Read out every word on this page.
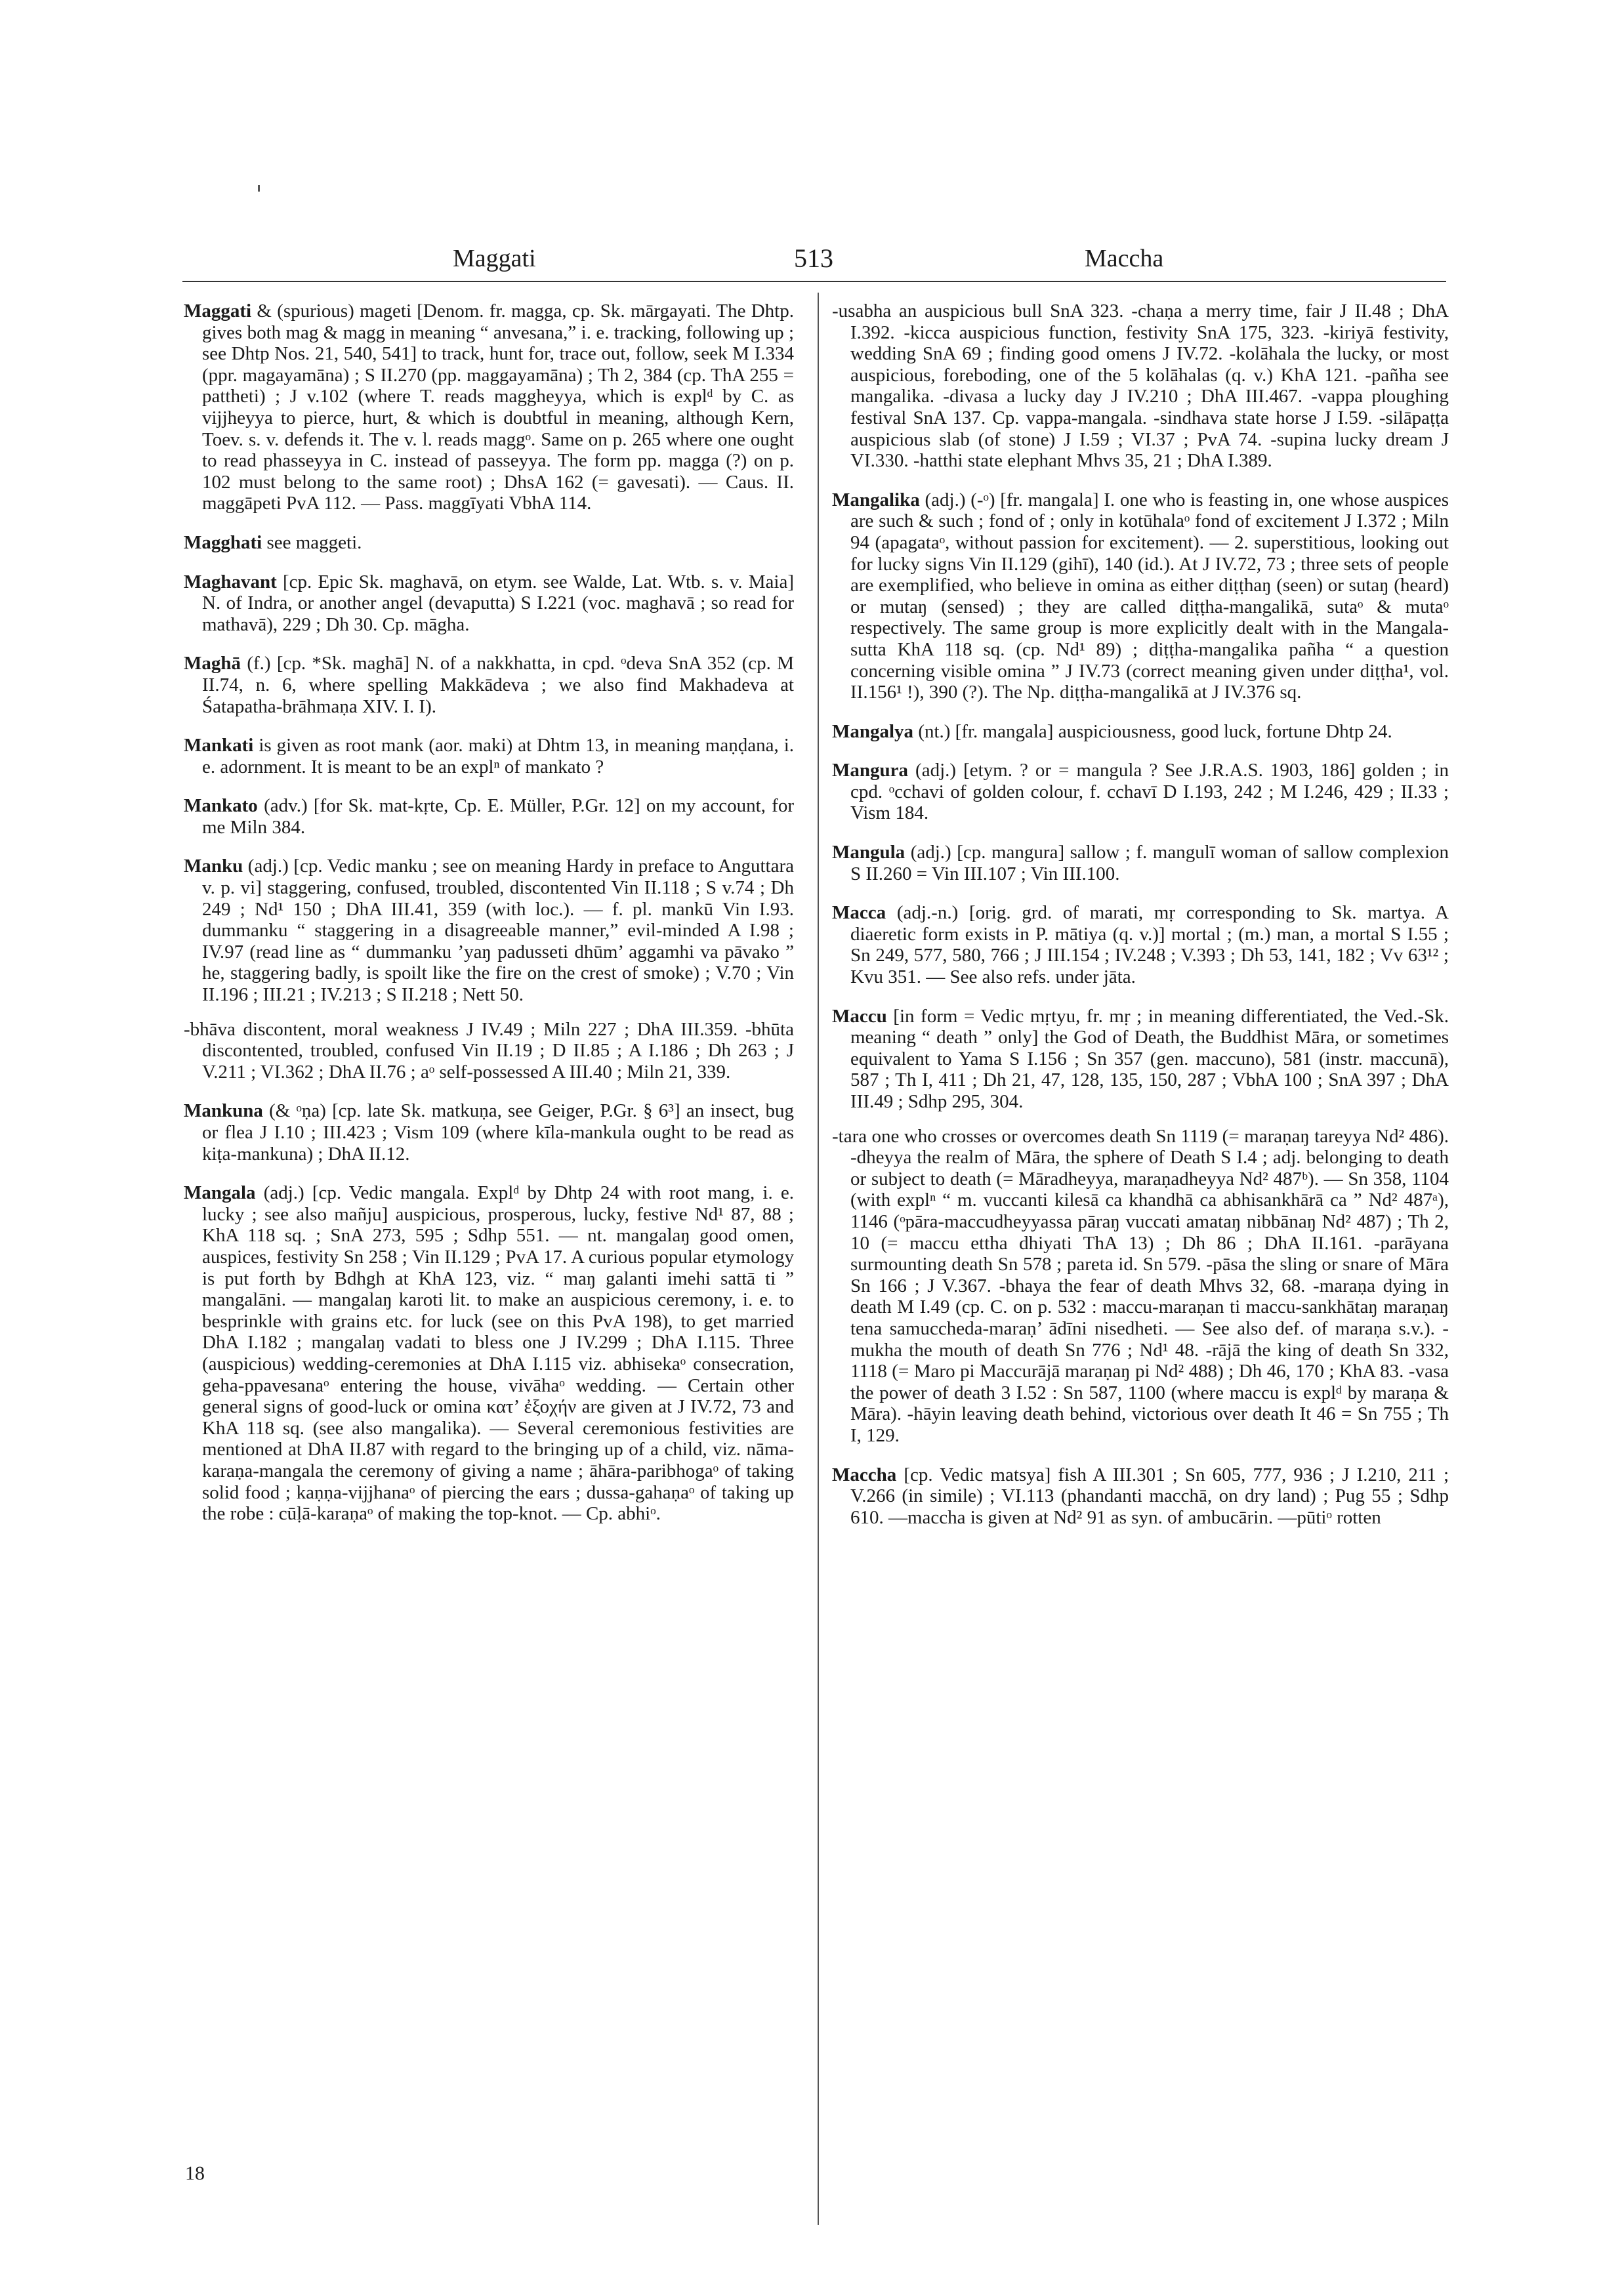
Maggati	513	Maccha

Maggati & (spurious) mageti [Denom. fr. magga, cp. Sk. mārgayati. The Dhtp. gives both mag & magg in meaning “ anvesana,” i. e. tracking, following up ; see Dhtp Nos. 21, 540, 541] to track, hunt for, trace out, follow, seek M I.334 (ppr. magayamāna) ; S II.270 (pp. maggayamāna) ; Th 2, 384 (cp. ThA 255 = pattheti) ; J v.102 (where T. reads maggheyya, which is explᵈ by C. as vijjheyya to pierce, hurt, & which is doubtful in meaning, although Kern, Toev. s. v. defends it. The v. l. reads maggᵒ. Same on p. 265 where one ought to read phasseyya in C. instead of passeyya. The form pp. magga (?) on p. 102 must belong to the same root) ; DhsA 162 (= gavesati). — Caus. II. maggāpeti PvA 112. — Pass. maggīyati VbhA 114.

Magghati see maggeti.

Maghavant [cp. Epic Sk. maghavā, on etym. see Walde, Lat. Wtb. s. v. Maia] N. of Indra, or another angel (devaputta) S I.221 (voc. maghavā ; so read for mathavā), 229 ; Dh 30. Cp. māgha.

Maghā (f.) [cp. *Sk. maghā] N. of a nakkhatta, in cpd. ᵒdeva SnA 352 (cp. M II.74, n. 6, where spelling Makkādeva ; we also find Makhadeva at Śatapatha-brāhmaṇa XIV. I. I).

Mankati is given as root mank (aor. maki) at Dhtm 13, in meaning maṇḍana, i. e. adornment. It is meant to be an explⁿ of mankato ?

Mankato (adv.) [for Sk. mat-kṛte, Cp. E. Müller, P.Gr. 12] on my account, for me Miln 384.

Manku (adj.) [cp. Vedic manku ; see on meaning Hardy in preface to Anguttara v. p. vi] staggering, confused, troubled, discontented Vin II.118 ; S v.74 ; Dh 249 ; Nd¹ 150 ; DhA III.41, 359 (with loc.). — f. pl. mankū Vin I.93. dummanku “ staggering in a disagreeable manner,” evil-minded A I.98 ; IV.97 (read line as “ dummanku ’yaŋ padusseti dhūm’ aggamhi va pāvako ” he, staggering badly, is spoilt like the fire on the crest of smoke) ; V.70 ; Vin II.196 ; III.21 ; IV.213 ; S II.218 ; Nett 50.

-bhāva discontent, moral weakness J IV.49 ; Miln 227 ; DhA III.359. -bhūta discontented, troubled, confused Vin II.19 ; D II.85 ; A I.186 ; Dh 263 ; J V.211 ; VI.362 ; DhA II.76 ; aᵒ self-possessed A III.40 ; Miln 21, 339.

Mankuna (& ᵒṇa) [cp. late Sk. matkuṇa, see Geiger, P.Gr. § 6³] an insect, bug or flea J I.10 ; III.423 ; Vism 109 (where kīla-mankula ought to be read as kiṭa-mankuna) ; DhA II.12.

Mangala (adj.) [cp. Vedic mangala. Explᵈ by Dhtp 24 with root mang, i. e. lucky ; see also mañju] auspicious, prosperous, lucky, festive Nd¹ 87, 88 ; KhA 118 sq. ; SnA 273, 595 ; Sdhp 551. — nt. mangalaŋ good omen, auspices, festivity Sn 258 ; Vin II.129 ; PvA 17. A curious popular etymology is put forth by Bdhgh at KhA 123, viz. “ maŋ galanti imehi sattā ti ” mangalāni. — mangalaŋ karoti lit. to make an auspicious ceremony, i. e. to besprinkle with grains etc. for luck (see on this PvA 198), to get married DhA I.182 ; mangalaŋ vadati to bless one J IV.299 ; DhA I.115. Three (auspicious) wedding-ceremonies at DhA I.115 viz. abhisekaᵒ consecration, geha-ppavesanaᵒ entering the house, vivāhaᵒ wedding. — Certain other general signs of good-luck or omina κατ’ ἐξοχήν are given at J IV.72, 73 and KhA 118 sq. (see also mangalika). — Several ceremonious festivities are mentioned at DhA II.87 with regard to the bringing up of a child, viz. nāma-karaṇa-mangala the ceremony of giving a name ; āhāra-paribhogaᵒ of taking solid food ; kaṇṇa-vijjhanaᵒ of piercing the ears ; dussa-gahaṇaᵒ of taking up the robe : cūḷā-karaṇaᵒ of making the top-knot. — Cp. abhiᵒ.

-usabha an auspicious bull SnA 323. -chaṇa a merry time, fair J II.48 ; DhA I.392. -kicca auspicious function, festivity SnA 175, 323. -kiriyā festivity, wedding SnA 69 ; finding good omens J IV.72. -kolāhala the lucky, or most auspicious, foreboding, one of the 5 kolāhalas (q. v.) KhA 121. -pañha see mangalika. -divasa a lucky day J IV.210 ; DhA III.467. -vappa ploughing festival SnA 137. Cp. vappa-mangala. -sindhava state horse J I.59. -silāpaṭṭa auspicious slab (of stone) J I.59 ; VI.37 ; PvA 74. -supina lucky dream J VI.330. -hatthi state elephant Mhvs 35, 21 ; DhA I.389.

Mangalika (adj.) (-ᵒ) [fr. mangala] I. one who is feasting in, one whose auspices are such & such ; fond of ; only in kotūhalaᵒ fond of excitement J I.372 ; Miln 94 (apagataᵒ, without passion for excitement). — 2. superstitious, looking out for lucky signs Vin II.129 (gihī), 140 (id.). At J IV.72, 73 ; three sets of people are exemplified, who believe in omina as either diṭṭhaŋ (seen) or sutaŋ (heard) or mutaŋ (sensed) ; they are called diṭṭha-mangalikā, sutaᵒ & mutaᵒ respectively. The same group is more explicitly dealt with in the Mangala-sutta KhA 118 sq. (cp. Nd¹ 89) ; diṭṭha-mangalika pañha “ a question concerning visible omina ” J IV.73 (correct meaning given under diṭṭha¹, vol. II.156¹ !), 390 (?). The Np. diṭṭha-mangalikā at J IV.376 sq.

Mangalya (nt.) [fr. mangala] auspiciousness, good luck, fortune Dhtp 24.

Mangura (adj.) [etym. ? or = mangula ? See J.R.A.S. 1903, 186] golden ; in cpd. ᵒcchavi of golden colour, f. cchavī D I.193, 242 ; M I.246, 429 ; II.33 ; Vism 184.

Mangula (adj.) [cp. mangura] sallow ; f. mangulī woman of sallow complexion S II.260 = Vin III.107 ; Vin III.100.

Macca (adj.-n.) [orig. grd. of marati, mṛ corresponding to Sk. martya. A diaeretic form exists in P. mātiya (q. v.)] mortal ; (m.) man, a mortal S I.55 ; Sn 249, 577, 580, 766 ; J III.154 ; IV.248 ; V.393 ; Dh 53, 141, 182 ; Vv 63¹² ; Kvu 351. — See also refs. under jāta.

Maccu [in form = Vedic mṛtyu, fr. mṛ ; in meaning differentiated, the Ved.-Sk. meaning “ death ” only] the God of Death, the Buddhist Māra, or sometimes equivalent to Yama S I.156 ; Sn 357 (gen. maccuno), 581 (instr. maccunā), 587 ; Th I, 411 ; Dh 21, 47, 128, 135, 150, 287 ; VbhA 100 ; SnA 397 ; DhA III.49 ; Sdhp 295, 304.

-tara one who crosses or overcomes death Sn 1119 (= maraṇaŋ tareyya Nd² 486). -dheyya the realm of Māra, the sphere of Death S I.4 ; adj. belonging to death or subject to death (= Māradheyya, maraṇadheyya Nd² 487ᵇ). — Sn 358, 1104 (with explⁿ “ m. vuccanti kilesā ca khandhā ca abhisankhārā ca ” Nd² 487ᵃ), 1146 (ᵒpāra-maccudheyyassa pāraŋ vuccati amataŋ nibbānaŋ Nd² 487) ; Th 2, 10 (= maccu ettha dhiyati ThA 13) ; Dh 86 ; DhA II.161. -parāyana surmounting death Sn 578 ; pareta id. Sn 579. -pāsa the sling or snare of Māra Sn 166 ; J V.367. -bhaya the fear of death Mhvs 32, 68. -maraṇa dying in death M I.49 (cp. C. on p. 532 : maccu-maraṇan ti maccu-sankhātaŋ maraṇaŋ tena samuccheda-maraṇ’ ādīni nisedheti. — See also def. of maraṇa s.v.). -mukha the mouth of death Sn 776 ; Nd¹ 48. -rājā the king of death Sn 332, 1118 (= Maro pi Maccurājā maraṇaŋ pi Nd² 488) ; Dh 46, 170 ; KhA 83. -vasa the power of death 3 I.52 : Sn 587, 1100 (where maccu is explᵈ by maraṇa & Māra). -hāyin leaving death behind, victorious over death It 46 = Sn 755 ; Th I, 129.

Maccha [cp. Vedic matsya] fish A III.301 ; Sn 605, 777, 936 ; J I.210, 211 ; V.266 (in simile) ; VI.113 (phandanti macchā, on dry land) ; Pug 55 ; Sdhp 610. —maccha is given at Nd² 91 as syn. of ambucārin. —pūtiᵒ rotten

18
